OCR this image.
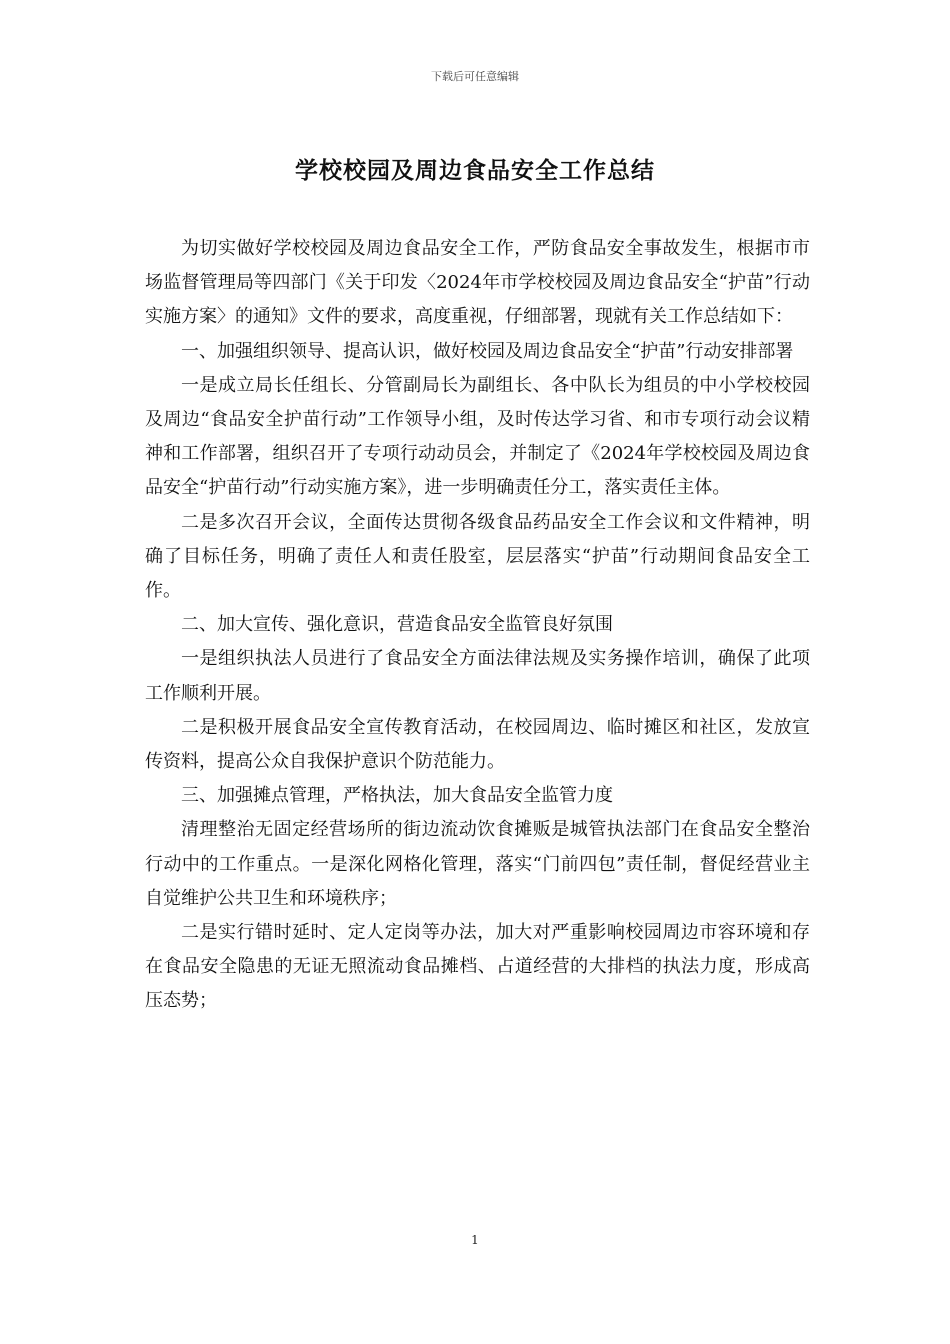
下载后可任意编辑
学校校园及周边食品安全工作总结

为切实做好学校校园及周边食品安全工作，严防食品安全事故发生，根据市市场监督管理局等四部门《关于印发〈2024年市学校校园及周边食品安全“护苗”行动实施方案〉的通知》文件的要求，高度重视，仔细部署，现就有关工作总结如下：

一、加强组织领导、提高认识，做好校园及周边食品安全“护苗”行动安排部署

一是成立局长任组长、分管副局长为副组长、各中队长为组员的中小学校校园及周边“食品安全护苗行动”工作领导小组，及时传达学习省、和市专项行动会议精神和工作部署，组织召开了专项行动动员会，并制定了《2024年学校校园及周边食品安全“护苗行动”行动实施方案》，进一步明确责任分工，落实责任主体。

二是多次召开会议，全面传达贯彻各级食品药品安全工作会议和文件精神，明确了目标任务，明确了责任人和责任股室，层层落实“护苗”行动期间食品安全工作。

二、加大宣传、强化意识，营造食品安全监管良好氛围

一是组织执法人员进行了食品安全方面法律法规及实务操作培训，确保了此项工作顺利开展。

二是积极开展食品安全宣传教育活动，在校园周边、临时摊区和社区，发放宣传资料，提高公众自我保护意识个防范能力。

三、加强摊点管理，严格执法，加大食品安全监管力度

清理整治无固定经营场所的街边流动饮食摊贩是城管执法部门在食品安全整治行动中的工作重点。一是深化网格化管理，落实“门前四包”责任制，督促经营业主自觉维护公共卫生和环境秩序；

二是实行错时延时、定人定岗等办法，加大对严重影响校园周边市容环境和存在食品安全隐患的无证无照流动食品摊档、占道经营的大排档的执法力度，形成高压态势；

1
